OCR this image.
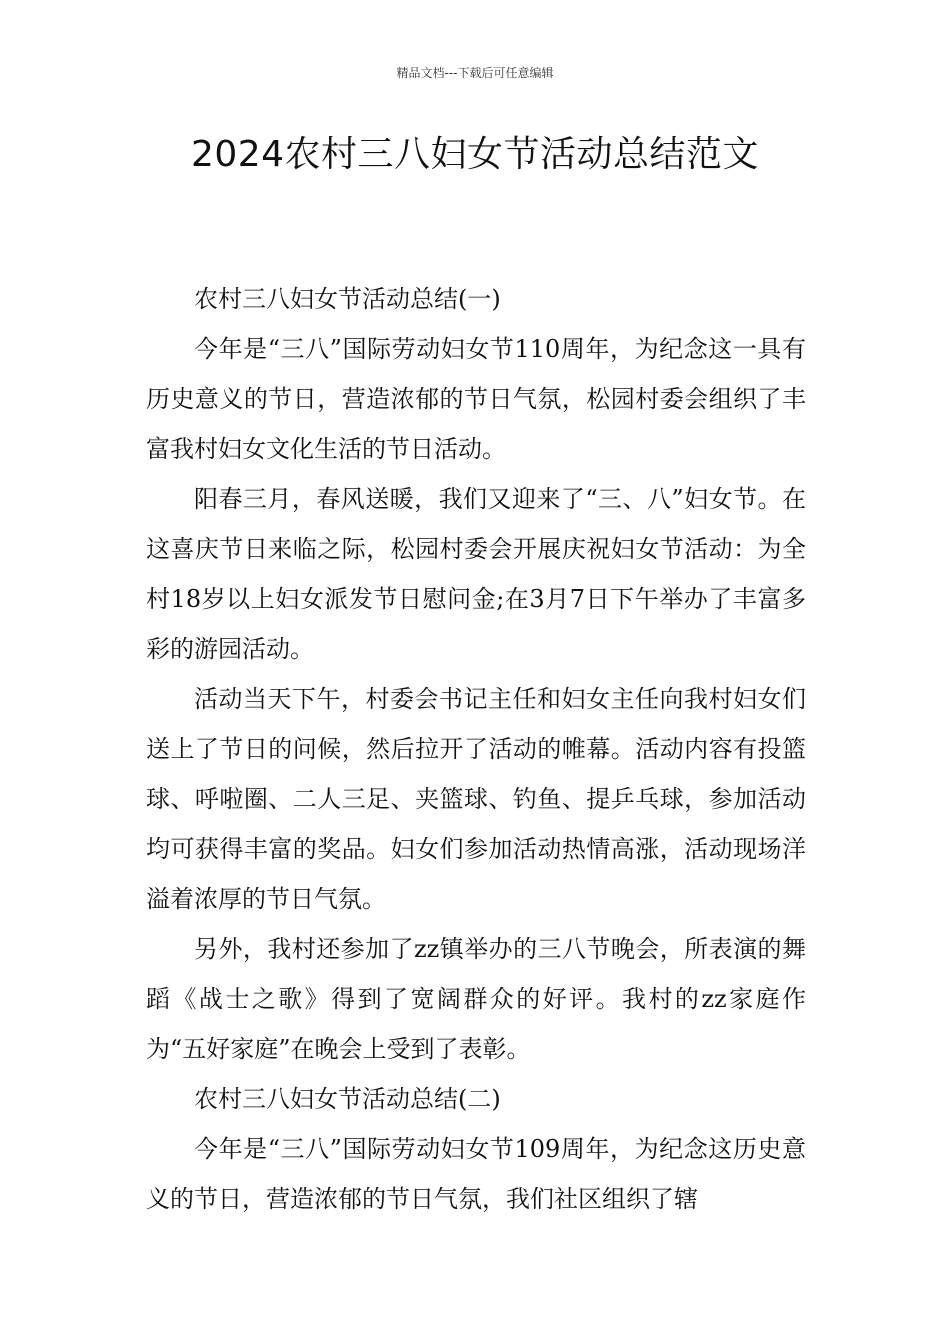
精品文档---下载后可任意编辑
2024农村三八妇女节活动总结范文

农村三八妇女节活动总结(一)

今年是“三八”国际劳动妇女节110周年，为纪念这一具有历史意义的节日，营造浓郁的节日气氛，松园村委会组织了丰富我村妇女文化生活的节日活动。

阳春三月，春风送暖，我们又迎来了“三、八”妇女节。在这喜庆节日来临之际，松园村委会开展庆祝妇女节活动：为全村18岁以上妇女派发节日慰问金;在3月7日下午举办了丰富多彩的游园活动。

活动当天下午，村委会书记主任和妇女主任向我村妇女们送上了节日的问候，然后拉开了活动的帷幕。活动内容有投篮球、呼啦圈、二人三足、夹篮球、钓鱼、提乒乓球，参加活动均可获得丰富的奖品。妇女们参加活动热情高涨，活动现场洋溢着浓厚的节日气氛。

另外，我村还参加了zz镇举办的三八节晚会，所表演的舞蹈《战士之歌》得到了宽阔群众的好评。我村的zz家庭作为“五好家庭”在晚会上受到了表彰。

农村三八妇女节活动总结(二)

今年是“三八”国际劳动妇女节109周年，为纪念这历史意义的节日，营造浓郁的节日气氛，我们社区组织了辖
